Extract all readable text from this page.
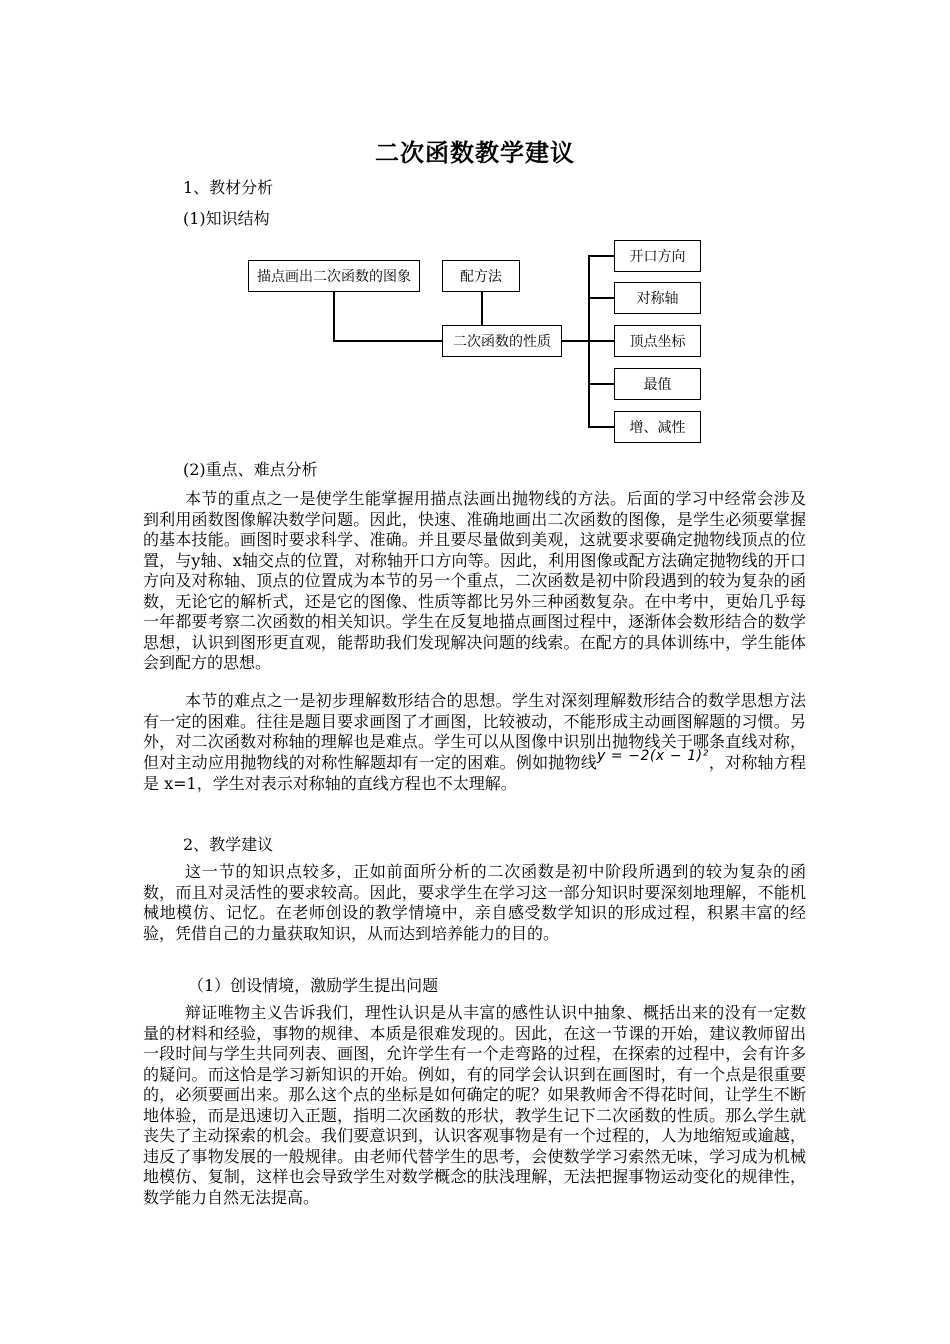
二次函数教学建议
1、教材分析
(1)知识结构
描点画出二次函数的图象	配方法
二次函数的性质
开口方向
对称轴
顶点坐标
最值
增、减性
(2)重点、难点分析

本节的重点之一是使学生能掌握用描点法画出抛物线的方法。后面的学习中经常会涉及到利用函数图像解决数学问题。因此，快速、准确地画出二次函数的图像，是学生必须要掌握的基本技能。画图时要求科学、准确。并且要尽量做到美观，这就要求要确定抛物线顶点的位置，与y轴、x轴交点的位置，对称轴开口方向等。因此，利用图像或配方法确定抛物线的开口方向及对称轴、顶点的位置成为本节的另一个重点，二次函数是初中阶段遇到的较为复杂的函数，无论它的解析式，还是它的图像、性质等都比另外三种函数复杂。在中考中，更始几乎每一年都要考察二次函数的相关知识。学生在反复地描点画图过程中，逐渐体会数形结合的数学思想，认识到图形更直观，能帮助我们发现解决问题的线索。在配方的具体训练中，学生能体会到配方的思想。

本节的难点之一是初步理解数形结合的思想。学生对深刻理解数形结合的数学思想方法有一定的困难。往往是题目要求画图了才画图，比较被动，不能形成主动画图解题的习惯。另外，对二次函数对称轴的理解也是难点。学生可以从图像中识别出抛物线关于哪条直线对称，但对主动应用抛物线的对称性解题却有一定的困难。例如抛物线y = −2(x − 1)²，对称轴方程是 x=1，学生对表示对称轴的直线方程也不太理解。

2、教学建议

这一节的知识点较多，正如前面所分析的二次函数是初中阶段所遇到的较为复杂的函数，而且对灵活性的要求较高。因此，要求学生在学习这一部分知识时要深刻地理解，不能机械地模仿、记忆。在老师创设的教学情境中，亲自感受数学知识的形成过程，积累丰富的经验，凭借自己的力量获取知识，从而达到培养能力的目的。

（1）创设情境，激励学生提出问题

辩证唯物主义告诉我们，理性认识是从丰富的感性认识中抽象、概括出来的没有一定数量的材料和经验，事物的规律、本质是很难发现的。因此，在这一节课的开始，建议教师留出一段时间与学生共同列表、画图，允许学生有一个走弯路的过程，在探索的过程中，会有许多的疑问。而这恰是学习新知识的开始。例如，有的同学会认识到在画图时，有一个点是很重要的，必须要画出来。那么这个点的坐标是如何确定的呢？如果教师舍不得花时间，让学生不断地体验，而是迅速切入正题，指明二次函数的形状，教学生记下二次函数的性质。那么学生就丧失了主动探索的机会。我们要意识到，认识客观事物是有一个过程的，人为地缩短或逾越，违反了事物发展的一般规律。由老师代替学生的思考，会使数学学习索然无味，学习成为机械地模仿、复制，这样也会导致学生对数学概念的肤浅理解，无法把握事物运动变化的规律性，数学能力自然无法提高。
